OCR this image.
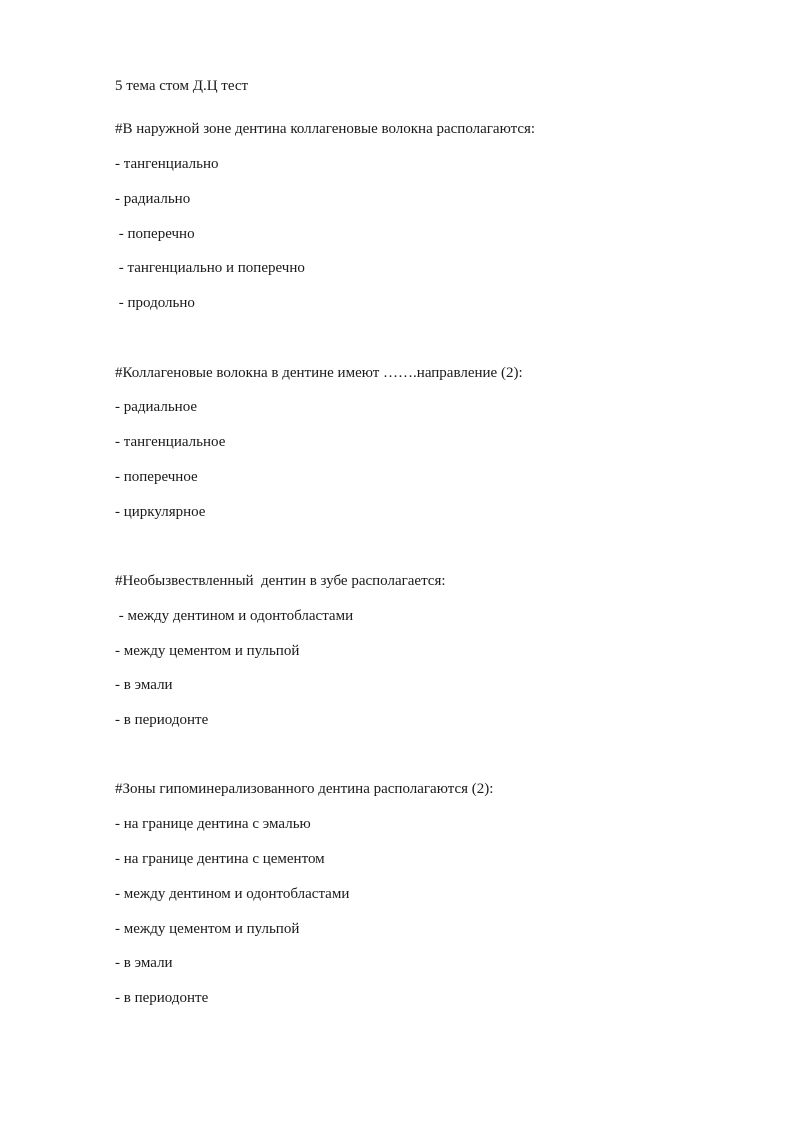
5 тема стом Д.Ц тест
#В наружной зоне дентина коллагеновые волокна располагаются:
- тангенциально
- радиально
- поперечно
- тангенциально и поперечно
- продольно
#Коллагеновые волокна в дентине имеют …….направление (2):
- радиальное
- тангенциальное
- поперечное
- циркулярное
#Необызвествленный  дентин в зубе располагается:
- между дентином и одонтобластами
- между цементом и пульпой
- в эмали
- в периодонте
#Зоны гипоминерализованного дентина располагаются (2):
- на границе дентина с эмалью
- на границе дентина с цементом
- между дентином и одонтобластами
- между цементом и пульпой
- в эмали
- в периодонте
